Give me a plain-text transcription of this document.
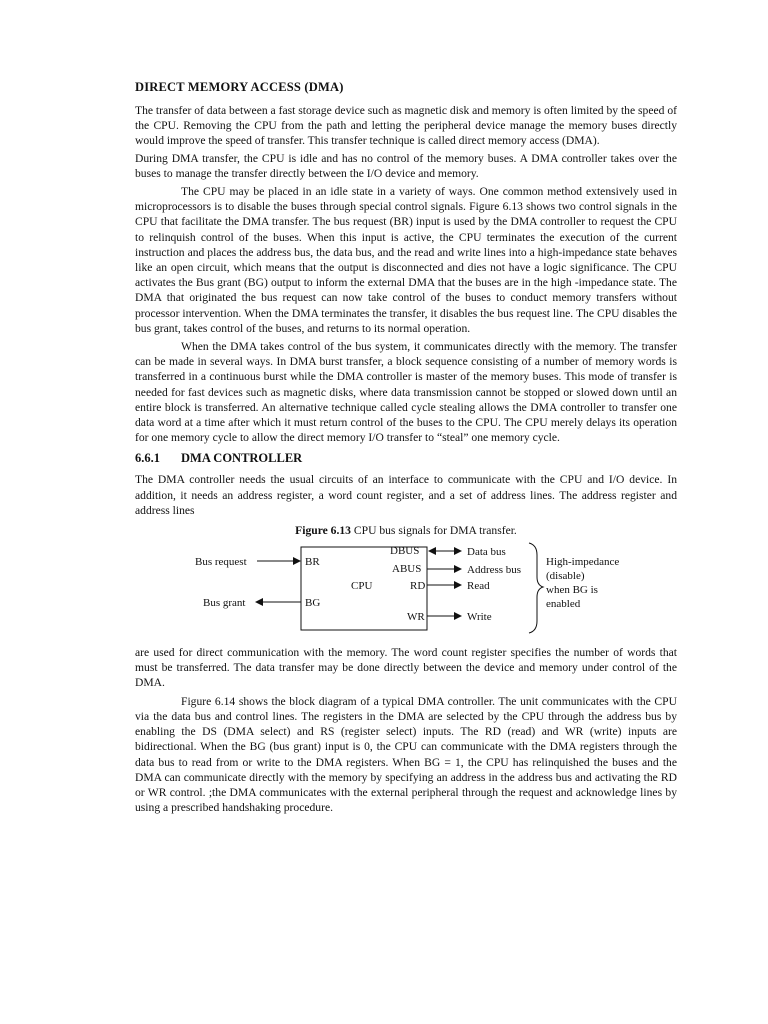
DIRECT MEMORY ACCESS (DMA)

The transfer of data between a fast storage device such as magnetic disk and memory is often limited by the speed of the CPU. Removing the CPU from the path and letting the peripheral device manage the memory buses directly would improve the speed of transfer. This transfer technique is called direct memory access (DMA).

During DMA transfer, the CPU is idle and has no control of the memory buses. A DMA controller takes over the buses to manage the transfer directly between the I/O device and memory.

The CPU may be placed in an idle state in a variety of ways. One common method extensively used in microprocessors is to disable the buses through special control signals. Figure 6.13 shows two control signals in the CPU that facilitate the DMA transfer. The bus request (BR) input is used by the DMA controller to request the CPU to relinquish control of the buses. When this input is active, the CPU terminates the execution of the current instruction and places the address bus, the data bus, and the read and write lines into a high-impedance state behaves like an open circuit, which means that the output is disconnected and dies not have a logic significance. The CPU activates the Bus grant (BG) output to inform the external DMA that the buses are in the high -impedance state. The DMA that originated the bus request can now take control of the buses to conduct memory transfers without processor intervention. When the DMA terminates the transfer, it disables the bus request line. The CPU disables the bus grant, takes control of the buses, and returns to its normal operation.

When the DMA takes control of the bus system, it communicates directly with the memory. The transfer can be made in several ways. In DMA burst transfer, a block sequence consisting of a number of memory words is transferred in a continuous burst while the DMA controller is master of the memory buses. This mode of transfer is needed for fast devices such as magnetic disks, where data transmission cannot be stopped or slowed down until an entire block is transferred. An alternative technique called cycle stealing allows the DMA controller to transfer one data word at a time after which it must return control of the buses to the CPU. The CPU merely delays its operation for one memory cycle to allow the direct memory I/O transfer to “steal” one memory cycle.

6.6.1	DMA CONTROLLER

The DMA controller needs the usual circuits of an interface to communicate with the CPU and I/O device. In addition, it needs an address register, a word count register, and a set of address lines. The address register and address lines

Figure 6.13 CPU bus signals for DMA transfer.
Bus request	BR
Bus grant	BG
CPU
DBUS
ABUS
RD
WR
Data bus
Address bus
Read
Write
High-impedance
(disable)
when BG is
enabled

are used for direct communication with the memory. The word count register specifies the number of words that must be transferred. The data transfer may be done directly between the device and memory under control of the DMA.

Figure 6.14 shows the block diagram of a typical DMA controller. The unit communicates with the CPU via the data bus and control lines. The registers in the DMA are selected by the CPU through the address bus by enabling the DS (DMA select) and RS (register select) inputs. The RD (read) and WR (write) inputs are bidirectional. When the BG (bus grant) input is 0, the CPU can communicate with the DMA registers through the data bus to read from or write to the DMA registers. When BG = 1, the CPU has relinquished the buses and the DMA can communicate directly with the memory by specifying an address in the address bus and activating the RD or WR control. ;the DMA communicates with the external peripheral through the request and acknowledge lines by using a prescribed handshaking procedure.
